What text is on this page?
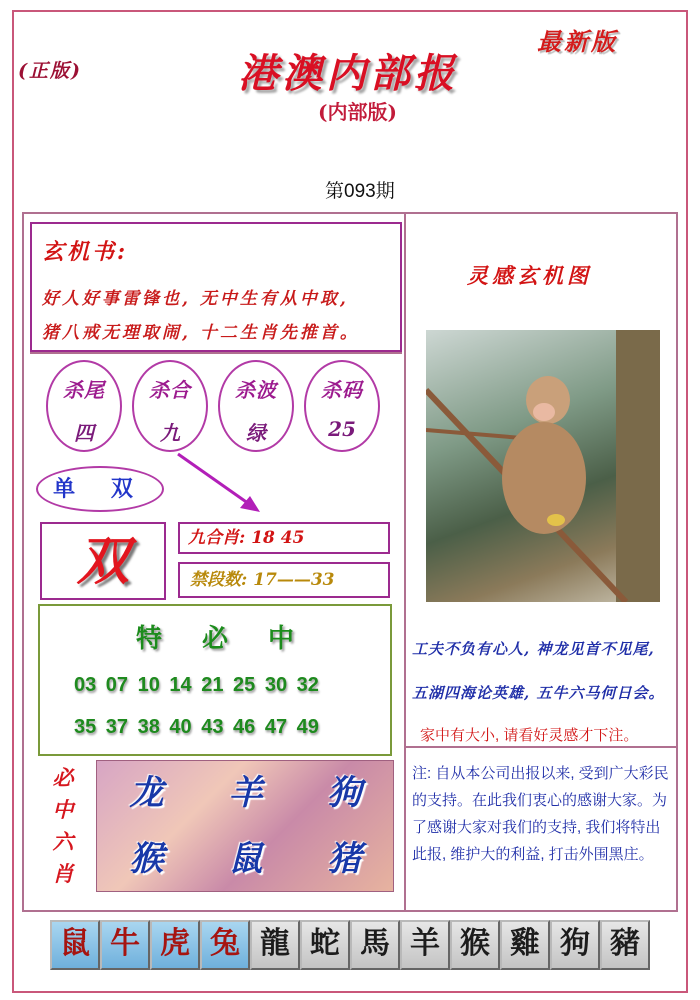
(正版)
最新版
港澳内部报
(内部版)
第093期
玄机书:
好人好事雷锋也, 无中生有从中取,
猪八戒无理取闹, 十二生肖先推首。
杀尾
四
杀合
九
杀波
绿
杀码
25
单 双
双	九合肖: 18 45
禁段数: 17——33
特必中
03 07 10 14 21 25 30 32
35 37 38 40 43 46 47 49
必中六肖
龙	羊	狗
猴	鼠	猪
灵感玄机图
工夫不负有心人, 神龙见首不见尾,
五湖四海论英雄, 五牛六马何日会。
家中有大小, 请看好灵感才下注。
注: 自从本公司出报以来, 受到广大彩民的支持。在此我们衷心的感谢大家。为了感谢大家对我们的支持, 我们将特出此报, 维护大的利益, 打击外围黑庄。
鼠 牛 虎 兔 龍 蛇 馬 羊 猴 雞 狗 豬
